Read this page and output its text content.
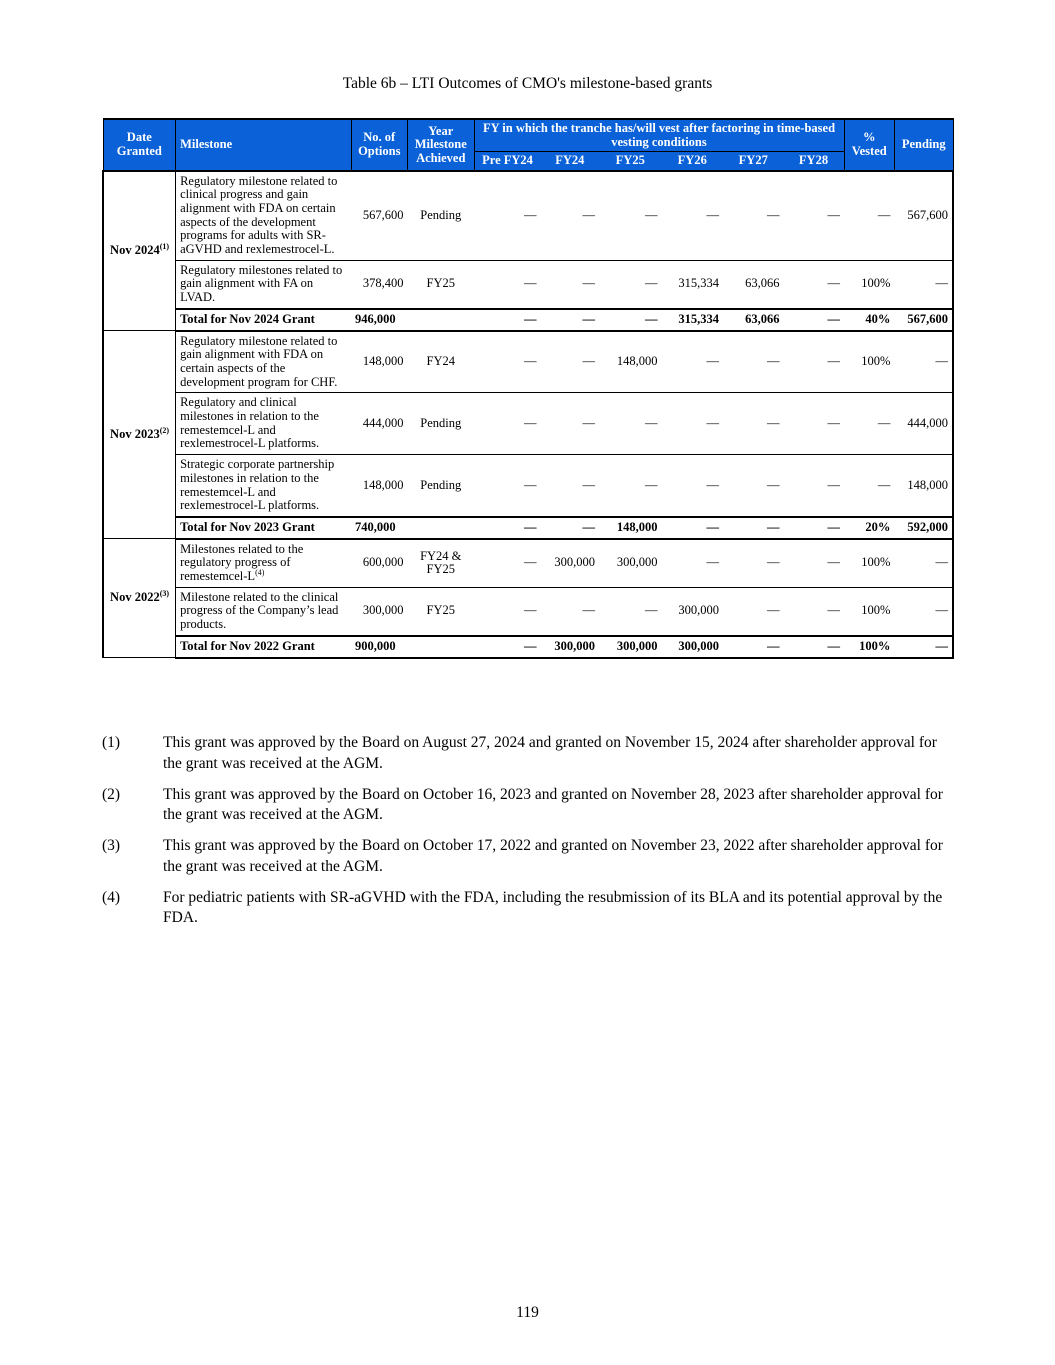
Table 6b – LTI Outcomes of CMO's milestone-based grants
Date Granted	Milestone	No. of Options	Year Milestone Achieved	FY in which the tranche has/will vest after factoring in time-based vesting conditions						% Vested	Pending
				Pre FY24	FY24	FY25	FY26	FY27	FY28		
Nov 2024$^{(1)}$	Regulatory milestone related to clinical progress and gain alignment with FDA on certain aspects of the development programs for adults with SR-aGVHD and rexlemestrocel-L.	567,600	Pending	—	—	—	—	—	—	—	567,600
	Regulatory milestones related to gain alignment with FA on LVAD.	378,400	FY25	—	—	—	315,334	63,066	—	100%	—
	Total for Nov 2024 Grant	946,000		—	—	—	315,334	63,066	—	40%	567,600
Nov 2023$^{(2)}$	Regulatory milestone related to gain alignment with FDA on certain aspects of the development program for CHF.	148,000	FY24	—	—	148,000	—	—	—	100%	—
	Regulatory and clinical milestones in relation to the remestemcel-L and rexlemestrocel-L platforms.	444,000	Pending	—	—	—	—	—	—	—	444,000
	Strategic corporate partnership milestones in relation to the remestemcel-L and rexlemestrocel-L platforms.	148,000	Pending	—	—	—	—	—	—	—	148,000
	Total for Nov 2023 Grant	740,000		—	—	148,000	—	—	—	20%	592,000
Nov 2022$^{(3)}$	Milestones related to the regulatory progress of remestemcel-$L^{(4)}$	600,000	FY24 & FY25	—	300,000	300,000	—	—	—	100%	—
	Milestone related to the clinical progress of the Company’s lead products.	300,000	FY25	—	—	—	300,000	—	—	100%	—
	Total for Nov 2022 Grant	900,000		—	300,000	300,000	300,000	—	—	100%	—
(1)	This grant was approved by the Board on August 27, 2024 and granted on November 15, 2024 after shareholder approval for the grant was received at the AGM.
(2)	This grant was approved by the Board on October 16, 2023 and granted on November 28, 2023 after shareholder approval for the grant was received at the AGM.
(3)	This grant was approved by the Board on October 17, 2022 and granted on November 23, 2022 after shareholder approval for the grant was received at the AGM.
(4)	For pediatric patients with SR-aGVHD with the FDA, including the resubmission of its BLA and its potential approval by the FDA.
119
